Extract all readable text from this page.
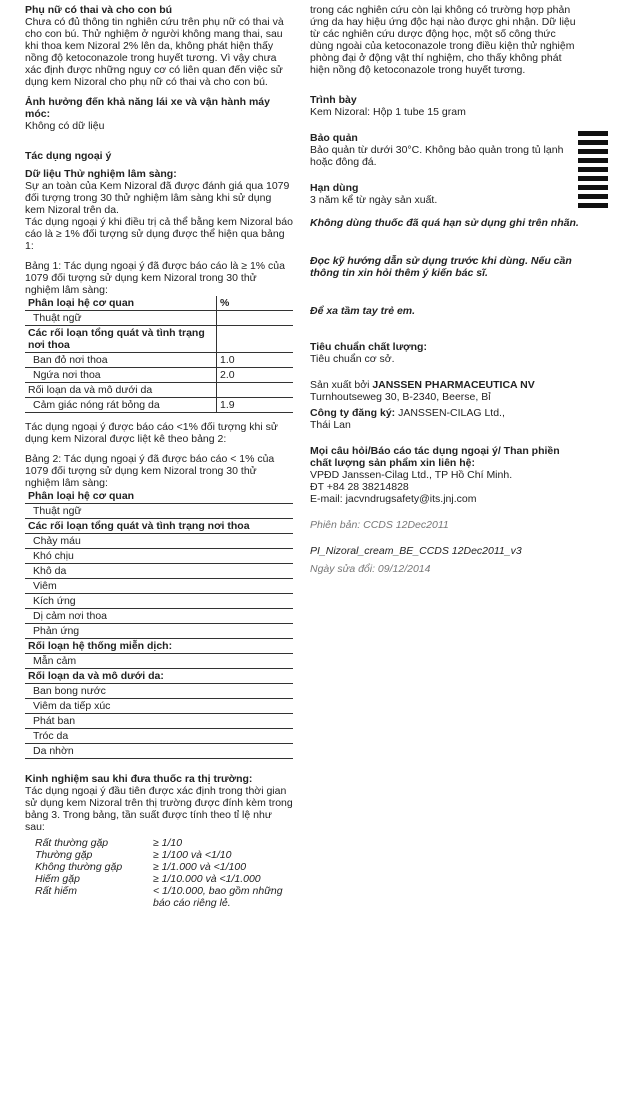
Phụ nữ có thai và cho con bú

Chưa có đủ thông tin nghiên cứu trên phụ nữ có thai và cho con bú. Thử nghiệm ở người không mang thai, sau khi thoa kem Nizoral 2% lên da, không phát hiện thấy nồng độ ketoconazole trong huyết tương. Vì vậy chưa xác định được những nguy cơ có liên quan đến việc sử dụng kem Nizoral cho phụ nữ có thai và cho con bú.

Ảnh hưởng đến khả năng lái xe và vận hành máy móc:

Không có dữ liệu

Tác dụng ngoại ý

Dữ liệu Thử nghiệm lâm sàng:

Sự an toàn của Kem Nizoral đã được đánh giá qua 1079 đối tượng trong 30 thử nghiệm lâm sàng khi sử dụng kem Nizoral trên da.

Tác dụng ngoại ý khi điều trị cả thể bằng kem Nizoral báo cáo là ≥ 1% đối tượng sử dụng được thể hiện qua bảng 1:

Bảng 1: Tác dụng ngoại ý đã được báo cáo là ≥ 1% của 1079 đối tượng sử dụng kem Nizoral trong 30 thử nghiệm lâm sàng:

Phân loại hệ cơ quan	%
Thuật ngữ	
Các rối loạn tổng quát và tình trạng nơi thoa	
Ban đỏ nơi thoa	1.0
Ngứa nơi thoa	2.0
Rối loạn da và mô dưới da	
Cảm giác nóng rát bỏng da	1.9

Tác dụng ngoại ý được báo cáo <1% đối tượng khi sử dụng kem Nizoral được liệt kê theo bảng 2:

Bảng 2: Tác dụng ngoại ý đã được báo cáo < 1% của 1079 đối tượng sử dụng kem Nizoral trong 30 thử nghiệm lâm sàng:

Phân loại hệ cơ quan
Thuật ngữ
Các rối loạn tổng quát và tình trạng nơi thoa
Chảy máu
Khó chịu
Khô da
Viêm
Kích ứng
Dị cảm nơi thoa
Phản ứng
Rối loạn hệ thống miễn dịch:
Mẫn cảm
Rối loạn da và mô dưới da:
Ban bong nước
Viêm da tiếp xúc
Phát ban
Tróc da
Da nhờn

Kinh nghiệm sau khi đưa thuốc ra thị trường:

Tác dụng ngoại ý đầu tiên được xác định trong thời gian sử dụng kem Nizoral trên thị trường được đính kèm trong bảng 3. Trong bảng, tần suất được tính theo tỉ lệ như sau:

Rất thường gặp	≥ 1/10
Thường gặp	≥ 1/100 và <1/10
Không thường gặp	≥ 1/1.000 và <1/100
Hiếm gặp	≥ 1/10.000 và <1/1.000
Rất hiếm	< 1/10.000, bao gồm những báo cáo riêng lẻ.

trong các nghiên cứu còn lại không có trường hợp phản ứng da hay hiệu ứng độc hại nào được ghi nhận. Dữ liệu từ các nghiên cứu dược động học, một số công thức dùng ngoài của ketoconazole trong điều kiện thử nghiệm phòng đại ở động vật thí nghiệm, cho thấy không phát hiện nồng độ ketoconazole trong huyết tương.

Trình bày

Kem Nizoral: Hộp 1 tube 15 gram

Bảo quản

Bảo quản từ dưới 30°C. Không bảo quản trong tủ lạnh hoặc đông đá.

Hạn dùng

3 năm kể từ ngày sản xuất.

Không dùng thuốc đã quá hạn sử dụng ghi trên nhãn.

Đọc kỹ hướng dẫn sử dụng trước khi dùng. Nếu cần thông tin xin hỏi thêm ý kiến bác sĩ.

Để xa tầm tay trẻ em.

Tiêu chuẩn chất lượng:

Tiêu chuẩn cơ sở.

Sản xuất bởi JANSSEN PHARMACEUTICA NV

Turnhoutseweg 30, B-2340, Beerse, Bỉ

Công ty đăng ký: JANSSEN-CILAG Ltd.,

Thái Lan

Mọi câu hỏi/Báo cáo tác dụng ngoại ý/ Than phiền chất lượng sản phẩm xin liên hệ:

VPĐD Janssen-Cilag Ltd., TP Hồ Chí Minh.

ĐT +84 28 38214828

E-mail: jacvndrugsafety@its.jnj.com

Phiên bản: CCDS 12Dec2011

PI_Nizoral_cream_BE_CCDS 12Dec2011_v3

Ngày sửa đổi: 09/12/2014
